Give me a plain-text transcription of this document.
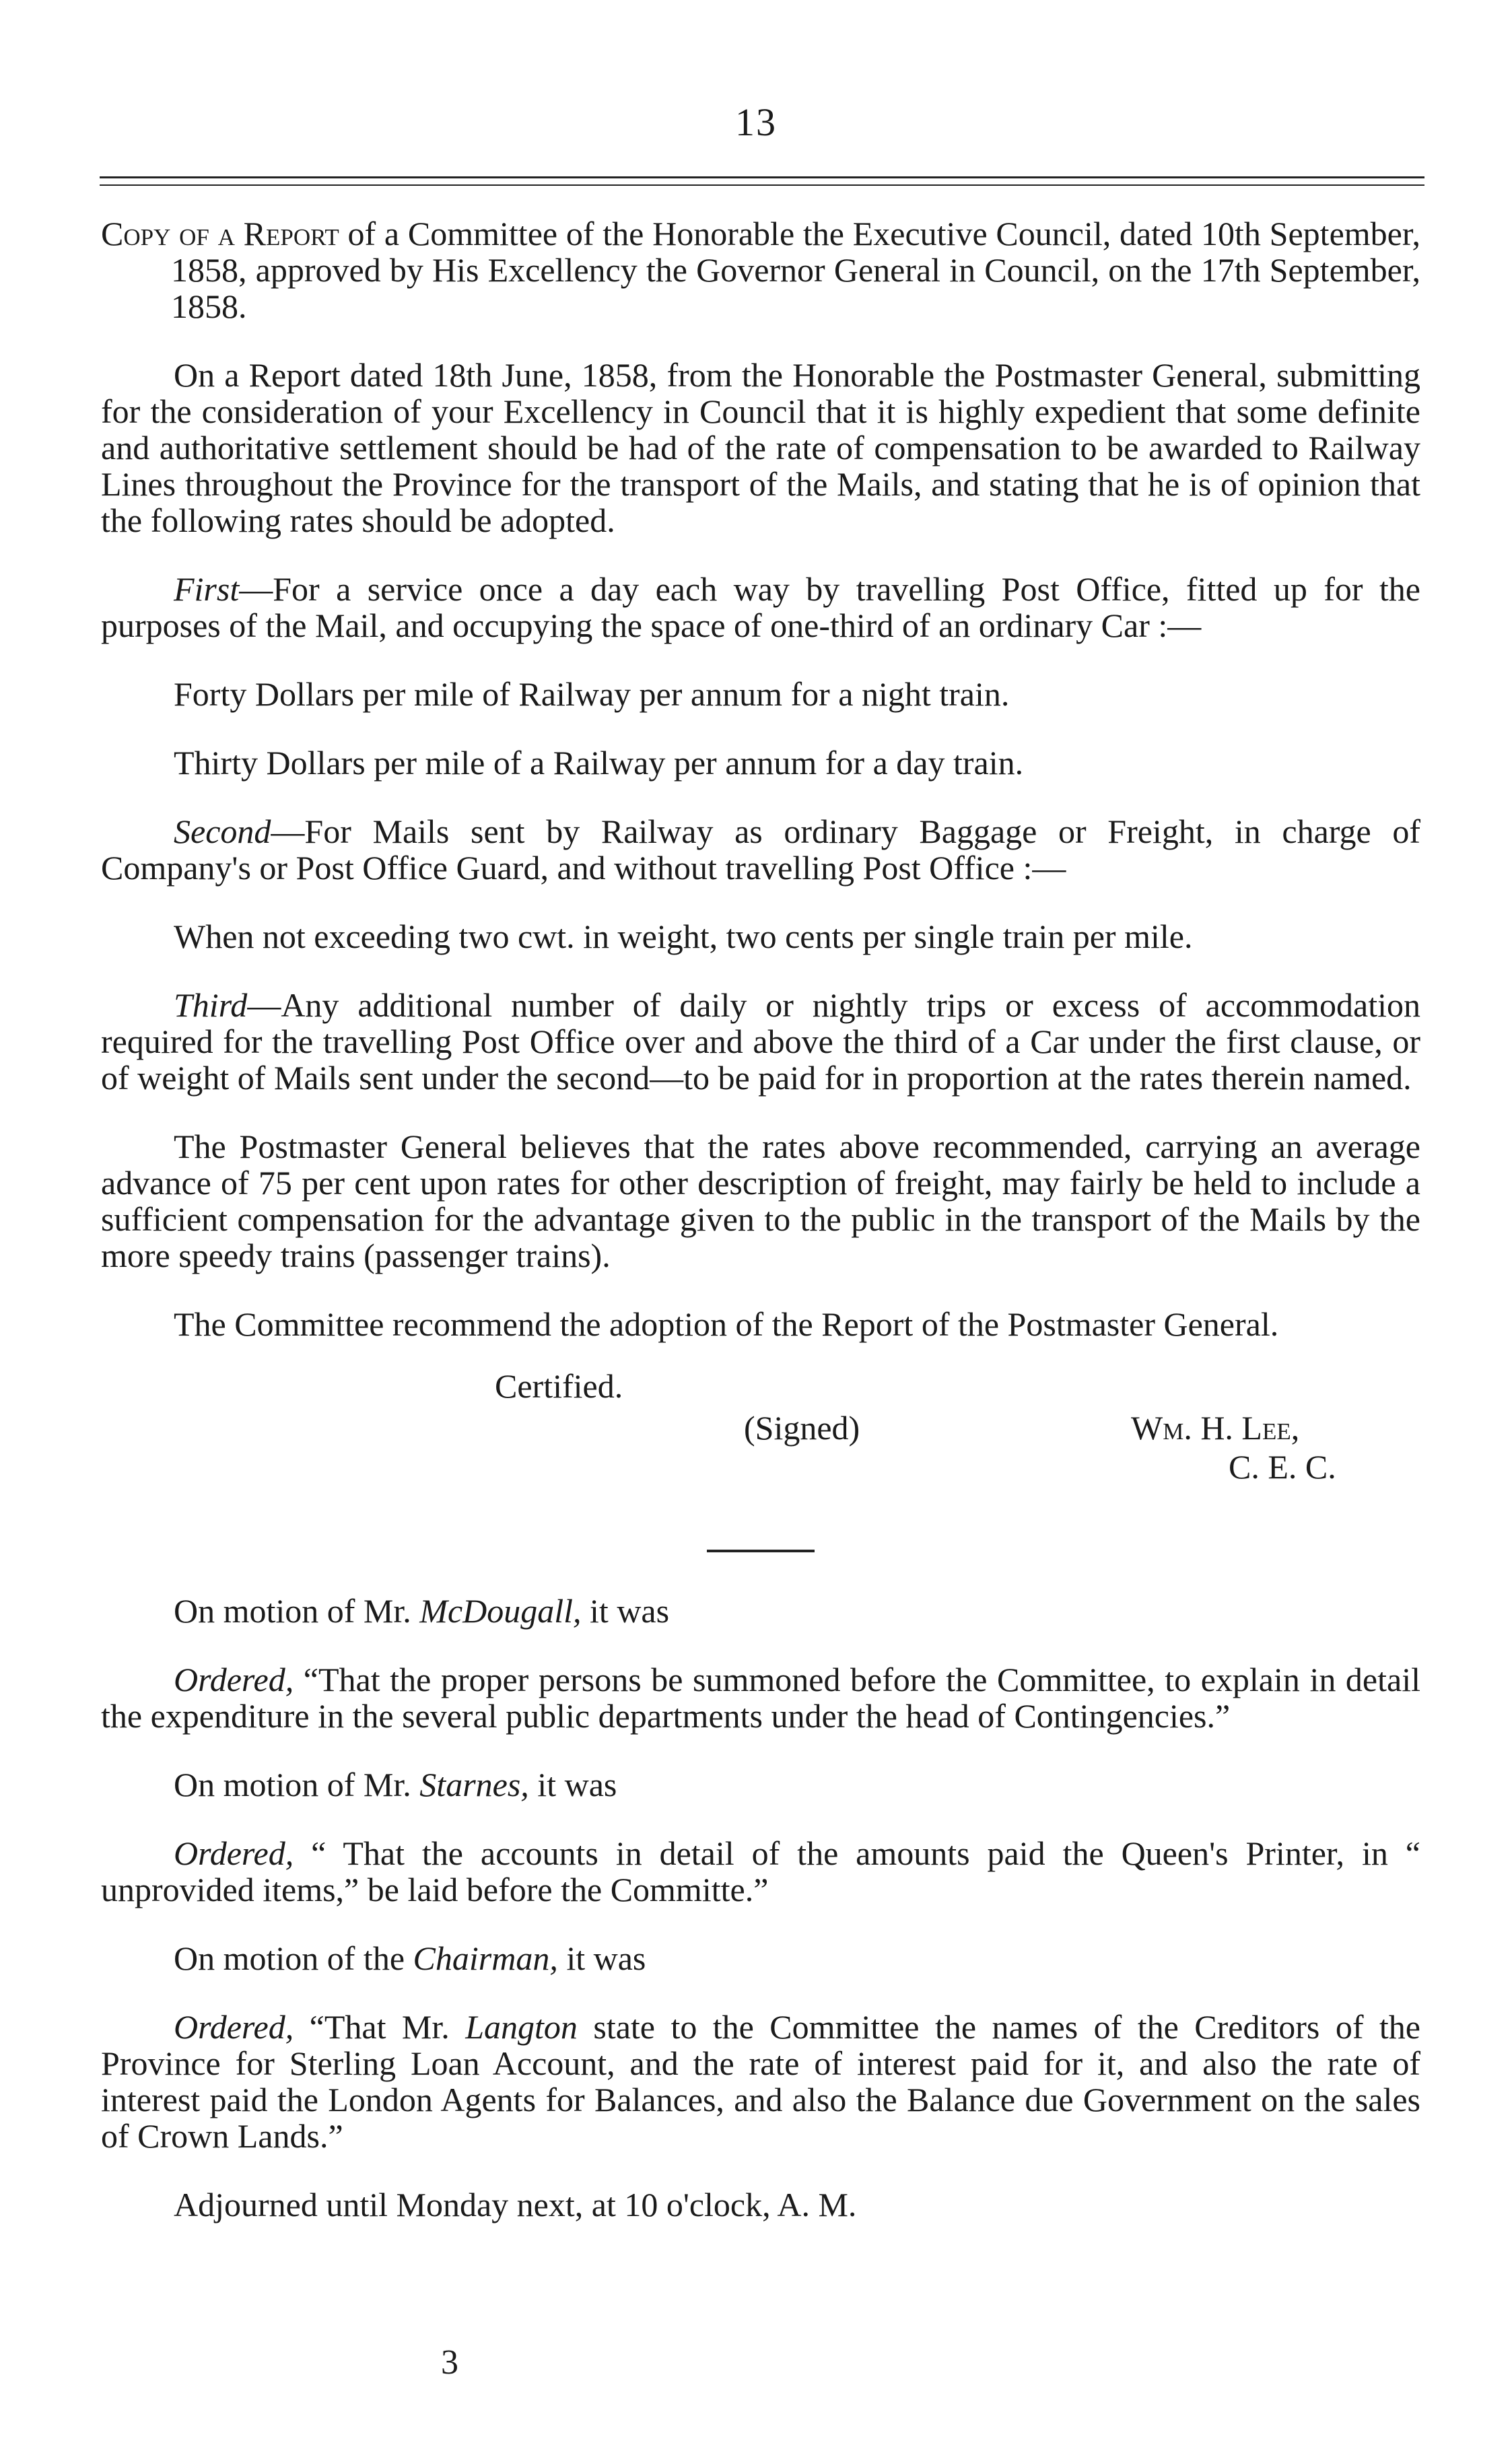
13
Copy of a Report of a Committee of the Honorable the Executive Council, dated 10th September, 1858, approved by His Excellency the Governor General in Council, on the 17th September, 1858.
On a Report dated 18th June, 1858, from the Honorable the Postmaster General, submitting for the consideration of your Excellency in Council that it is highly expedient that some definite and authoritative settlement should be had of the rate of compensation to be awarded to Railway Lines throughout the Province for the transport of the Mails, and stating that he is of opinion that the following rates should be adopted.
First—For a service once a day each way by travelling Post Office, fitted up for the purposes of the Mail, and occupying the space of one-third of an ordinary Car :—
Forty Dollars per mile of Railway per annum for a night train.
Thirty Dollars per mile of a Railway per annum for a day train.
Second—For Mails sent by Railway as ordinary Baggage or Freight, in charge of Company's or Post Office Guard, and without travelling Post Office :—
When not exceeding two cwt. in weight, two cents per single train per mile.
Third—Any additional number of daily or nightly trips or excess of accommodation required for the travelling Post Office over and above the third of a Car under the first clause, or of weight of Mails sent under the second—to be paid for in proportion at the rates therein named.
The Postmaster General believes that the rates above recommended, carrying an average advance of 75 per cent upon rates for other description of freight, may fairly be held to include a sufficient compensation for the advantage given to the public in the transport of the Mails by the more speedy trains (passenger trains).
The Committee recommend the adoption of the Report of the Postmaster General.
Certified.
(Signed)	Wm. H. Lee,
C. E. C.
On motion of Mr. McDougall, it was
Ordered, “That the proper persons be summoned before the Committee, to explain in detail the expenditure in the several public departments under the head of Contingencies.”
On motion of Mr. Starnes, it was
Ordered, “ That the accounts in detail of the amounts paid the Queen's Printer, in “ unprovided items,” be laid before the Committe.”
On motion of the Chairman, it was
Ordered, “That Mr. Langton state to the Committee the names of the Creditors of the Province for Sterling Loan Account, and the rate of interest paid for it, and also the rate of interest paid the London Agents for Balances, and also the Balance due Government on the sales of Crown Lands.”
Adjourned until Monday next, at 10 o'clock, A. M.
3
